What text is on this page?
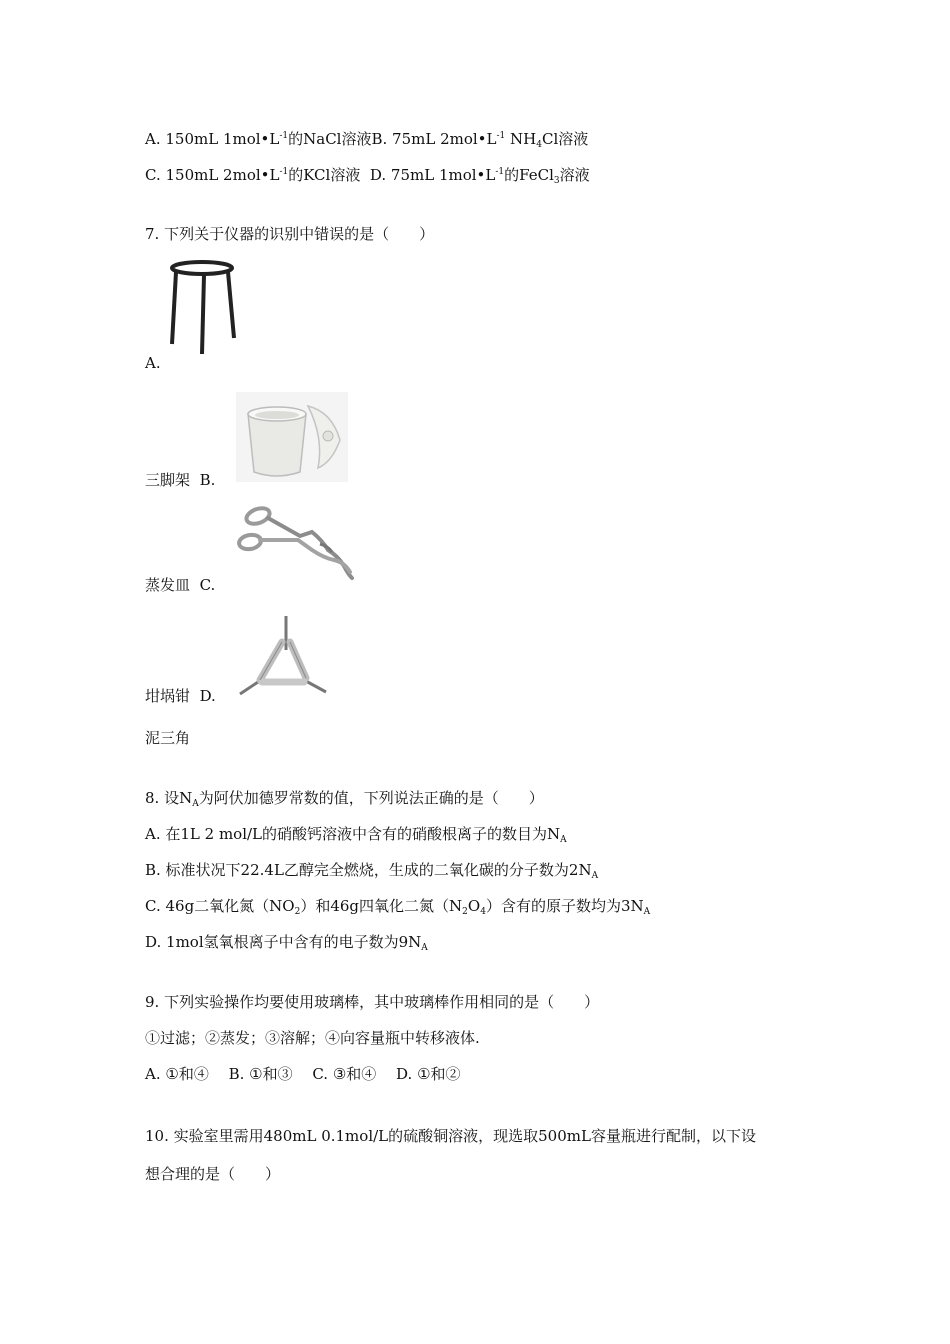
A. 150mL $1mol•L^{-1}$的NaCl溶液B. 75mL $2mol•L^{-1}$ $NH_4Cl$溶液
C. 150mL $2mol•L^{-1}$的KCl溶液 D. 75mL $1mol•L^{-1}$的FeCl$_3$溶液
7. 下列关于仪器的识别中错误的是（　　）
A.
三脚架 B.
蒸发皿 C.
坩埚钳 D.
泥三角
8. 设$N_A$为阿伏加德罗常数的值，下列说法正确的是（　　）
A. 在1L 2 mol/L的硝酸钙溶液中含有的硝酸根离子的数目为$N_A$
B. 标准状况下22.4L乙醇完全燃烧，生成的二氧化碳的分子数为$2N_A$
C. 46g二氧化氮$(NO_2)$和46g四氧化二氮$(N_2O_4)$含有的原子数均为$3N_A$
D. 1mol氢氧根离子中含有的电子数为$9N_A$
9. 下列实验操作均要使用玻璃棒，其中玻璃棒作用相同的是（　　）
①过滤；②蒸发；③溶解；④向容量瓶中转移液体.
A. ①和④　 B. ①和③　 C. ③和④　 D. ①和②
10. 实验室里需用480mL 0.1mol/L的硫酸铜溶液，现选取500mL容量瓶进行配制，以下设
想合理的是（　　）
